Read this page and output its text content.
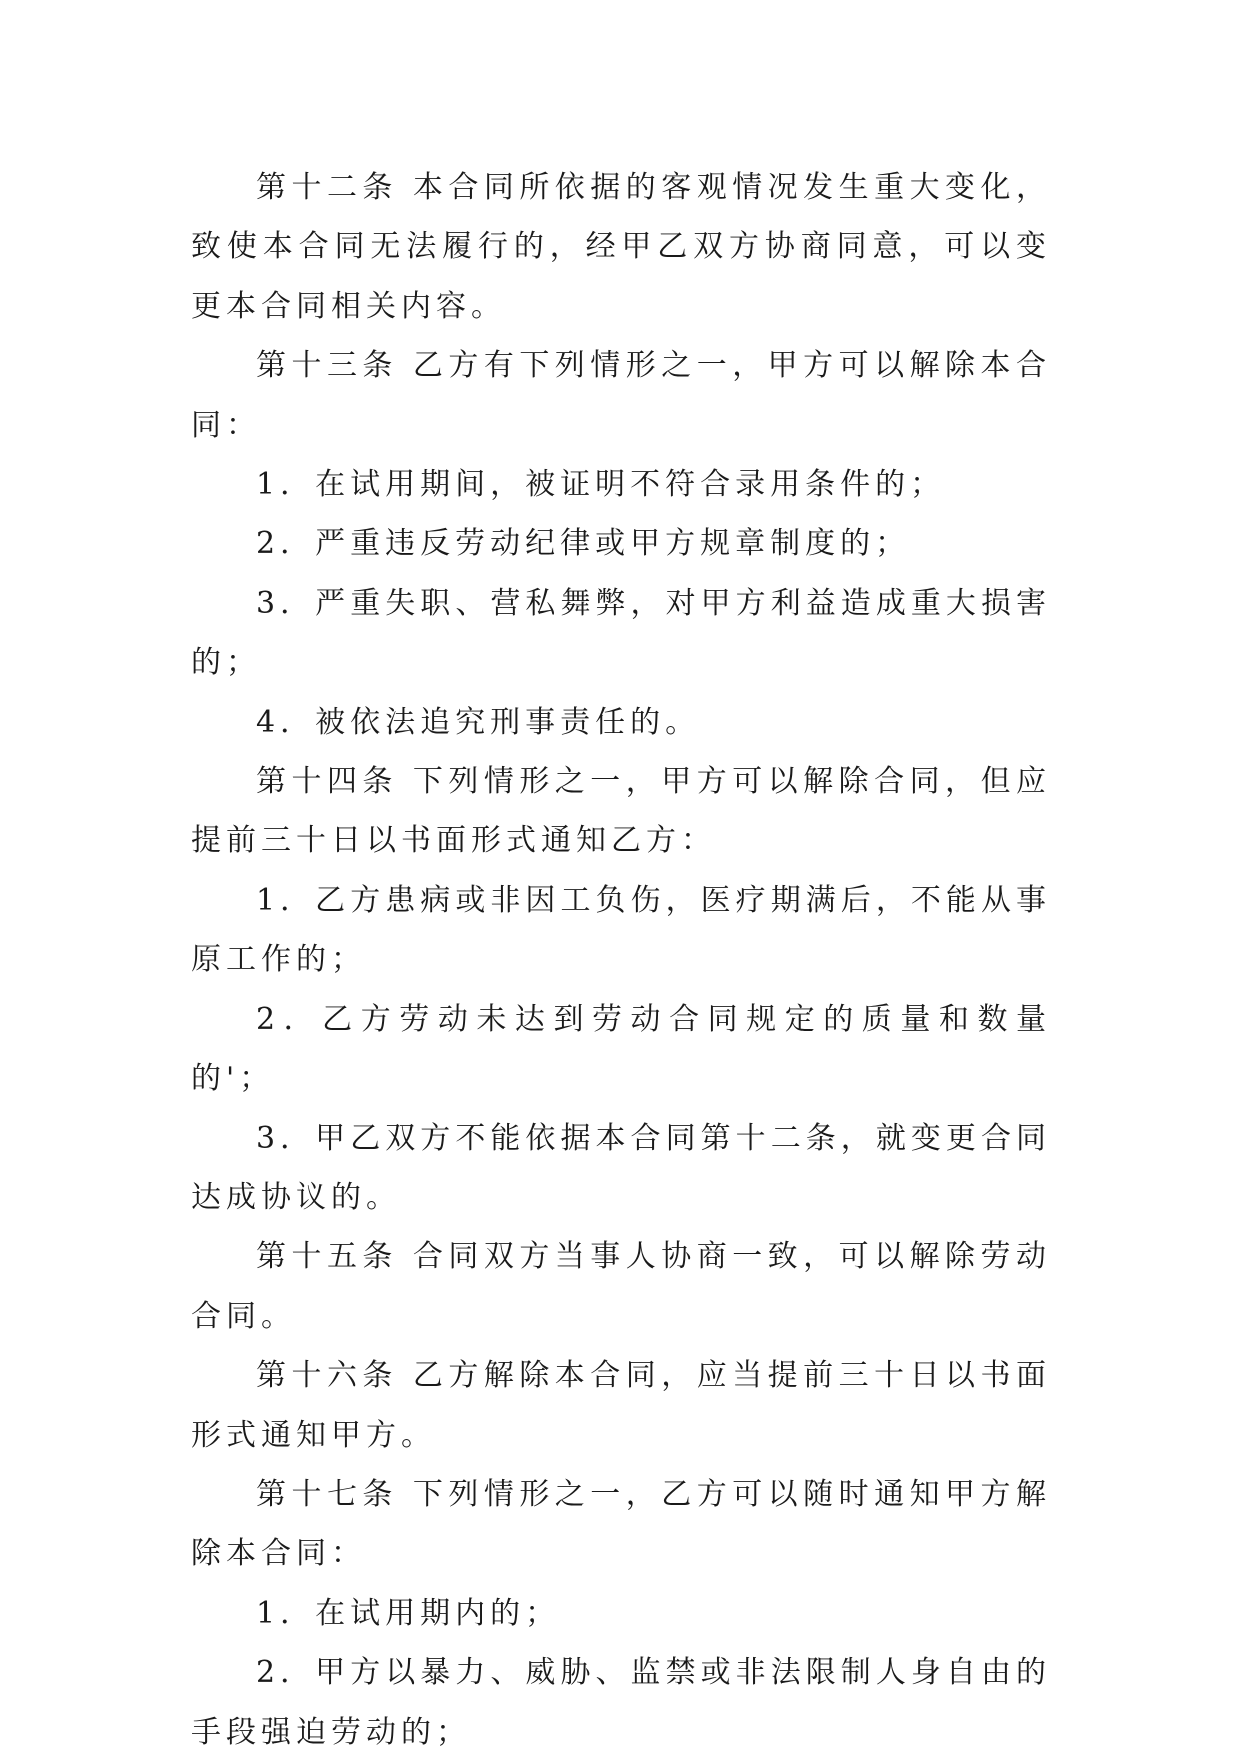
第十二条 本合同所依据的客观情况发生重大变化，致使本合同无法履行的，经甲乙双方协商同意，可以变更本合同相关内容。

第十三条 乙方有下列情形之一，甲方可以解除本合同：

1．在试用期间，被证明不符合录用条件的；

2．严重违反劳动纪律或甲方规章制度的；

3．严重失职、营私舞弊，对甲方利益造成重大损害的；

4．被依法追究刑事责任的。

第十四条 下列情形之一，甲方可以解除合同，但应提前三十日以书面形式通知乙方：

1．乙方患病或非因工负伤，医疗期满后，不能从事原工作的；

2．乙方劳动未达到劳动合同规定的质量和数量的'；

3．甲乙双方不能依据本合同第十二条，就变更合同达成协议的。

第十五条 合同双方当事人协商一致，可以解除劳动合同。

第十六条 乙方解除本合同，应当提前三十日以书面形式通知甲方。

第十七条 下列情形之一，乙方可以随时通知甲方解除本合同：

1．在试用期内的；

2．甲方以暴力、威胁、监禁或非法限制人身自由的手段强迫劳动的；
